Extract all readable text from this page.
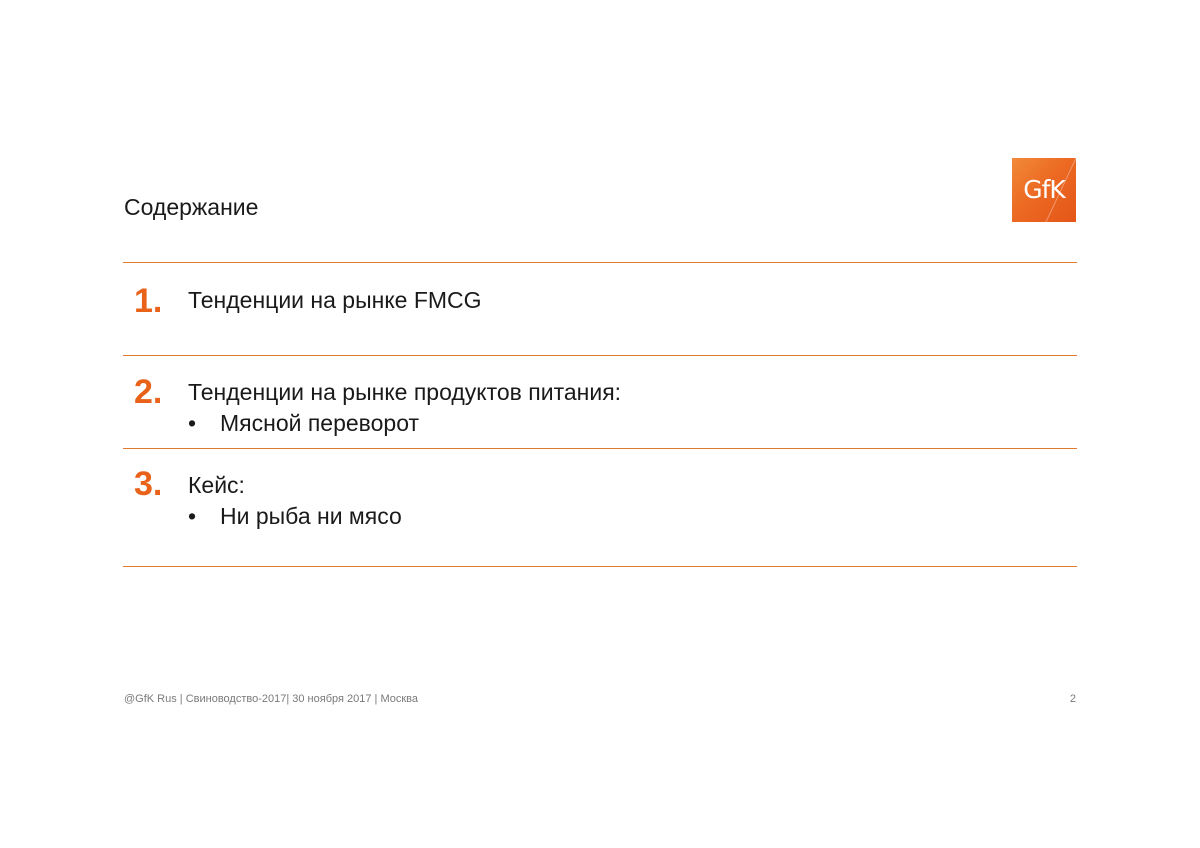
Содержание
GfK
1. Тенденции на рынке FMCG
2. Тенденции на рынке продуктов питания:
• Мясной переворот
3. Кейс:
• Ни рыба ни мясо
@GfK Rus | Свиноводство-2017| 30 ноября 2017 | Москва	2
